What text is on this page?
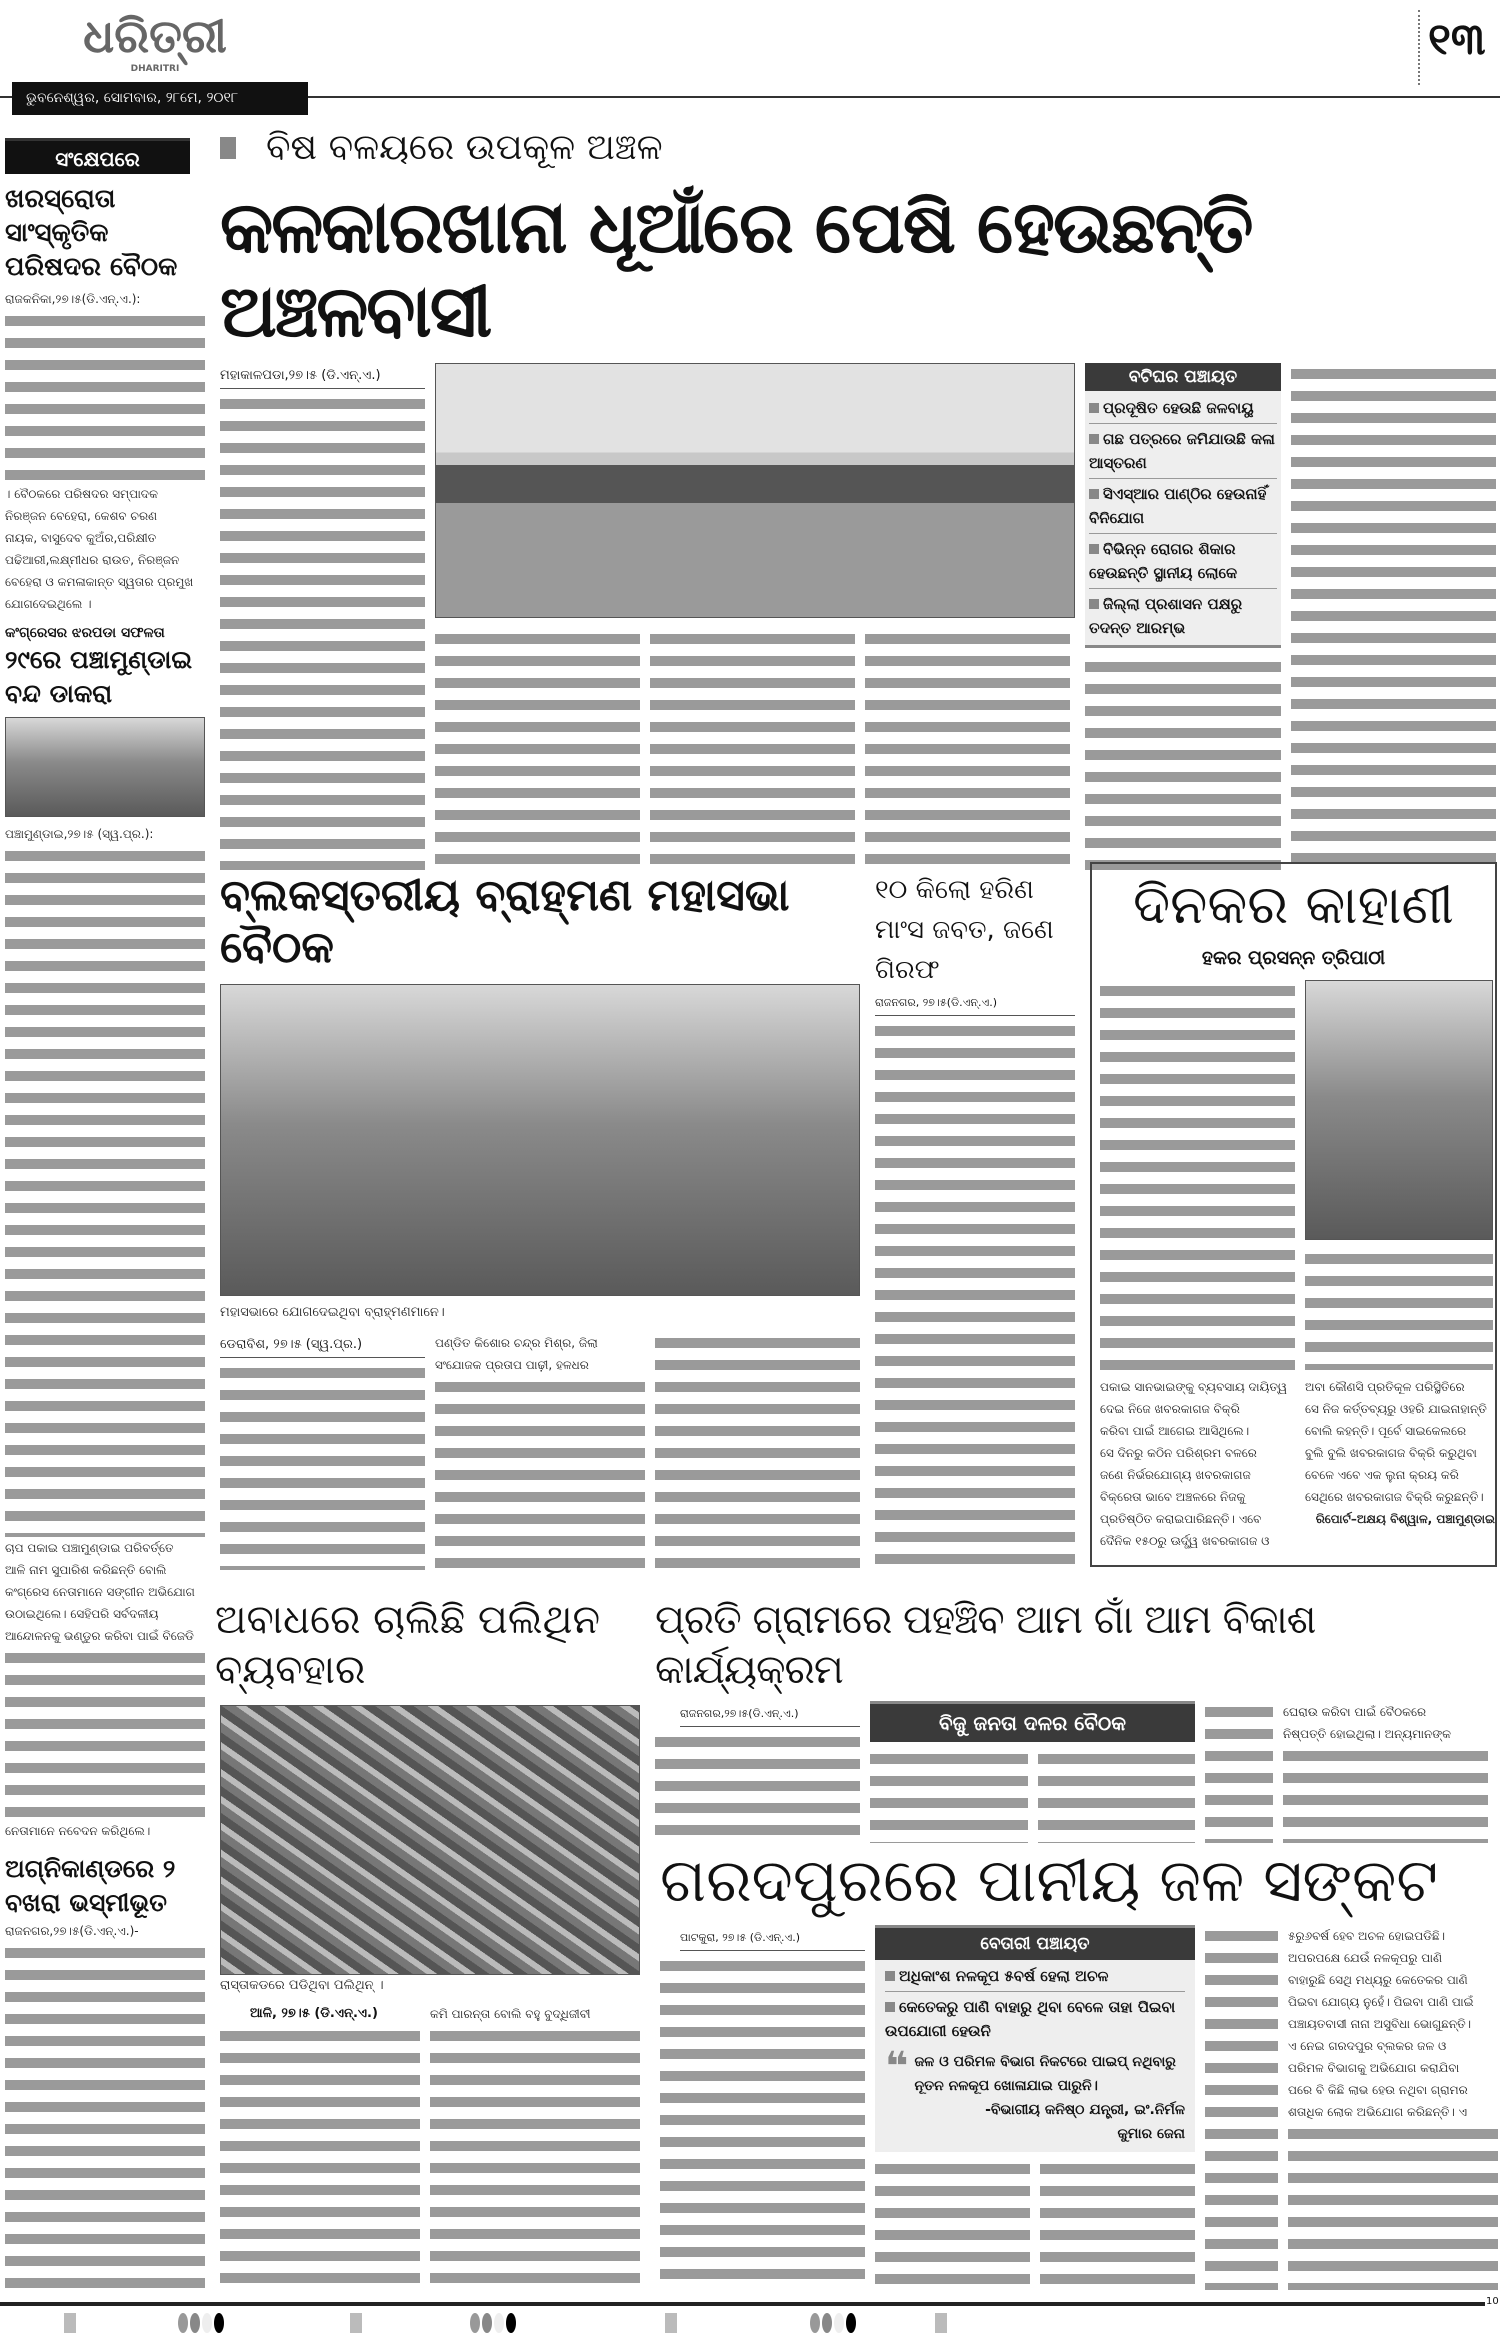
ଧରିତ୍ରୀ
DHARITRI
ଭୁବନେଶ୍ୱର, ସୋମବାର, ୨୮ମେ, ୨୦୧୮
୧୩
ସଂକ୍ଷେପରେ
ଖରସ୍ରୋତା ସାଂସ୍କୃତିକ ପରିଷଦର ବୈଠକ
ରାଜକନିକା,୨୭।୫(ଡି.ଏନ୍.ଏ.):
। ବୈଠକରେ ପରିଷଦର ସମ୍ପାଦକ
ନିରଞ୍ଜନ ବେହେରା, କେଶବ ଚରଣ
ନାୟକ, ବାସୁଦେବ କୁଅଁର,ପରିକ୍ଷୀତ
ପଢିଆରୀ,ଲକ୍ଷ୍ମୀଧର ରାଉତ, ନିରଞ୍ଜନ
ବେହେରା ଓ କମଳାକାନ୍ତ ସ୍ୱତାର ପ୍ରମୁଖ
ଯୋଗଦେଇଥିଲେ ।
କଂଗ୍ରେସର ଝରପଡା ସଫଳତା
୨୯ରେ ପଞ୍ଚାମୁଣ୍ଡାଇ ବନ୍ଦ ଡାକରା
ପଞ୍ଚାମୁଣ୍ଡାଇ,୨୭।୫ (ସ୍ୱ.ପ୍ର.):
ଚାପ ପକାଇ ପଞ୍ଚାମୁଣ୍ଡାଇ ପରିବର୍ତ୍ତେ
ଆଳି ନାମ ସୁପାରିଶ କରିଛନ୍ତି ବୋଲି
କଂଗ୍ରେସ ନେତାମାନେ ସଙ୍ଗୀନ ଅଭିଯୋଗ
ଉଠାଇଥିଲେ। ସେହିପରି ସର୍ବଦଳୀୟ
ଆନ୍ଦୋଳନକୁ ଭଣ୍ଡୁର କରିବା ପାଇଁ ବିଜେଡି
ନେତାମାନେ ନବେଦନ କରିଥିଲେ।
ଅଗ୍ନିକାଣ୍ଡରେ ୨ ବଖରା ଭସ୍ମୀଭୂତ
ରାଜନଗର,୨୭।୫(ଡି.ଏନ୍.ଏ.)-
ବିଷ ବଳୟରେ ଉପକୂଳ ଅଞ୍ଚଳ
କଳକାରଖାନା ଧୂଆଁରେ ପେଷି ହେଉଛନ୍ତି ଅଞ୍ଚଳବାସୀ
ମହାକାଳପଡା,୨୭।୫ (ଡି.ଏନ୍.ଏ.)	ବଟିଘର ପଞ୍ଚାୟତ
ପ୍ରଦୂଷିତ ହେଉଛି ଜଳବାୟୁ
ଗଛ ପତ୍ରରେ ଜମିଯାଉଛି କଳା ଆସ୍ତରଣ
ସିଏସ୍ଆର ପାଣ୍ଠିର ହେଉନାହିଁ ବିନିଯୋଗ
ବିଭିନ୍ନ ରୋଗର ଶିକାର ହେଉଛନ୍ତି ସ୍ଥାନୀୟ ଲୋକେ
ଜିଲ୍ଲା ପ୍ରଶାସନ ପକ୍ଷରୁ ତଦନ୍ତ ଆରମ୍ଭ
ବ୍ଲକସ୍ତରୀୟ ବ୍ରାହ୍ମଣ ମହାସଭା ବୈଠକ
ମହାସଭାରେ ଯୋଗଦେଇଥିବା ବ୍ରାହ୍ମଣମାନେ।
ଡେରାବିଶ, ୨୭।୫ (ସ୍ୱ.ପ୍ର.)	ପଣ୍ଡିତ କିଶୋର ଚନ୍ଦ୍ର ମିଶ୍ର, ଜିଲା
ସଂଯୋଜକ ପ୍ରତାପ ପାଢ଼ୀ, ହଳଧର
୧୦ କିଲୋ ହରିଣ ମାଂସ ଜବତ, ଜଣେ ଗିରଫ
ରାଜନଗର, ୨୭।୫(ଡି.ଏନ୍.ଏ.)
ଦିନକର କାହାଣୀ
ହକର ପ୍ରସନ୍ନ ତ୍ରିପାଠୀ
ପକାଇ ସାନଭାଇଙ୍କୁ ବ୍ୟବସାୟ ଦାୟିତ୍ୱ
ଦେଇ ନିଜେ ଖବରକାଗଜ ବିକ୍ରି
କରିବା ପାଇଁ ଆଗେଇ ଆସିଥିଲେ।
ସେ ଦିନରୁ କଠିନ ପରିଶ୍ରମ ବଳରେ
ଜଣେ ନିର୍ଭରଯୋଗ୍ୟ ଖବରକାଗଜ
ବିକ୍ରେତା ଭାବେ ଅଞ୍ଚଳରେ ନିଜକୁ
ପ୍ରତିଷ୍ଠିତ କରାଇପାରିଛନ୍ତି। ଏବେ
ଦୈନିକ ୧୫୦ରୁ ଊର୍ଦ୍ଧ୍ୱ ଖବରକାଗଜ ଓ
ଅବା କୌଣସି ପ୍ରତିକୂଳ ପରିସ୍ଥିତିରେ
ସେ ନିଜ କର୍ତ୍ତବ୍ୟରୁ ଓହରି ଯାଇନାହାନ୍ତି
ବୋଲି କହନ୍ତି। ପୂର୍ବେ ସାଇକେଲରେ
ବୁଲି ବୁଲି ଖବରକାଗଜ ବିକ୍ରି କରୁଥିବା
ବେଳେ ଏବେ ଏକ ଲୁନା କ୍ରୟ କରି
ସେଥିରେ ଖବରକାଗଜ ବିକ୍ରି କରୁଛନ୍ତି।
ରିପୋର୍ଟ–ଅକ୍ଷୟ ବିଶ୍ୱାଳ, ପଞ୍ଚାମୁଣ୍ଡାଇ
ଅବାଧରେ ଚାଲିଛି ପଲିଥିନ ବ୍ୟବହାର
ରାସ୍ତାକଡରେ ପଡିଥିବା ପଲିଥିନ୍ ।
ଆଳି, ୨୭।୫ (ଡି.ଏନ୍.ଏ.)	କମି ପାରନ୍ତା ବୋଲି ବହୁ ବୁଦ୍ଧିଜୀବୀ
ପ୍ରତି ଗ୍ରାମରେ ପହଞ୍ଚିବ ଆମ ଗାଁ ଆମ ବିକାଶ କାର୍ଯ୍ୟକ୍ରମ
ରାଜନଗର,୨୭।୫(ଡି.ଏନ୍.ଏ.)	ବିଜୁ ଜନତା ଦଳର ବୈଠକ	ଘେରାଉ କରିବା ପାଇଁ ବୈଠକରେ
ନିଷ୍ପତ୍ତି ହୋଇଥିଲା। ଅନ୍ୟମାନଙ୍କ
ଗରଦପୁରରେ ପାନୀୟ ଜଳ ସଙ୍କଟ
ପାଟକୁରା, ୨୭।୫ (ଡି.ଏନ୍.ଏ.)	ବେତାରୀ ପଞ୍ଚାୟତ
ଅଧିକାଂଶ ନଳକୂପ ୫ବର୍ଷ ହେଲା ଅଚଳ
କେତେକରୁ ପାଣି ବାହାରୁ ଥିବା ବେଳେ ତାହା ପିଇବା ଉପଯୋଗୀ ହେଉନି
❝ ଜଳ ଓ ପରିମଳ ବିଭାଗ ନିକଟରେ ପାଇପ୍ ନଥିବାରୁ ନୂତନ ନଳକୂପ ଖୋଳାଯାଇ ପାରୁନି।
-ବିଭାଗୀୟ କନିଷ୍ଠ ଯନ୍ତ୍ରୀ, ଇଂ.ନିର୍ମଳ କୁମାର ଜେନା
୫ରୁ୬ବର୍ଷ ହେବ ଅଚଳ ହୋଇପଡିଛି।
ଅପରପକ୍ଷେ ଯେଉଁ ନଳକୂପରୁ ପାଣି
ବାହାରୁଛି ସେଥି ମଧ୍ୟରୁ କେତେକର ପାଣି
ପିଇବା ଯୋଗ୍ୟ ନୁହେଁ। ପିଇବା ପାଣି ପାଇଁ
ପଞ୍ଚାୟତବାସୀ ନାନା ଅସୁବିଧା ଭୋଗୁଛନ୍ତି।
ଏ ନେଇ ଗରଦପୁର ବ୍ଲକର ଜଳ ଓ
ପରିମଳ ବିଭାଗକୁ ଅଭିଯୋଗ କରାଯିବା
ପରେ ବି କିଛି ଲାଭ ହେଉ ନଥିବା ଗ୍ରାମର
ଶତାଧିକ ଲୋକ ଅଭିଯୋଗ କରିଛନ୍ତି। ଏ
10
